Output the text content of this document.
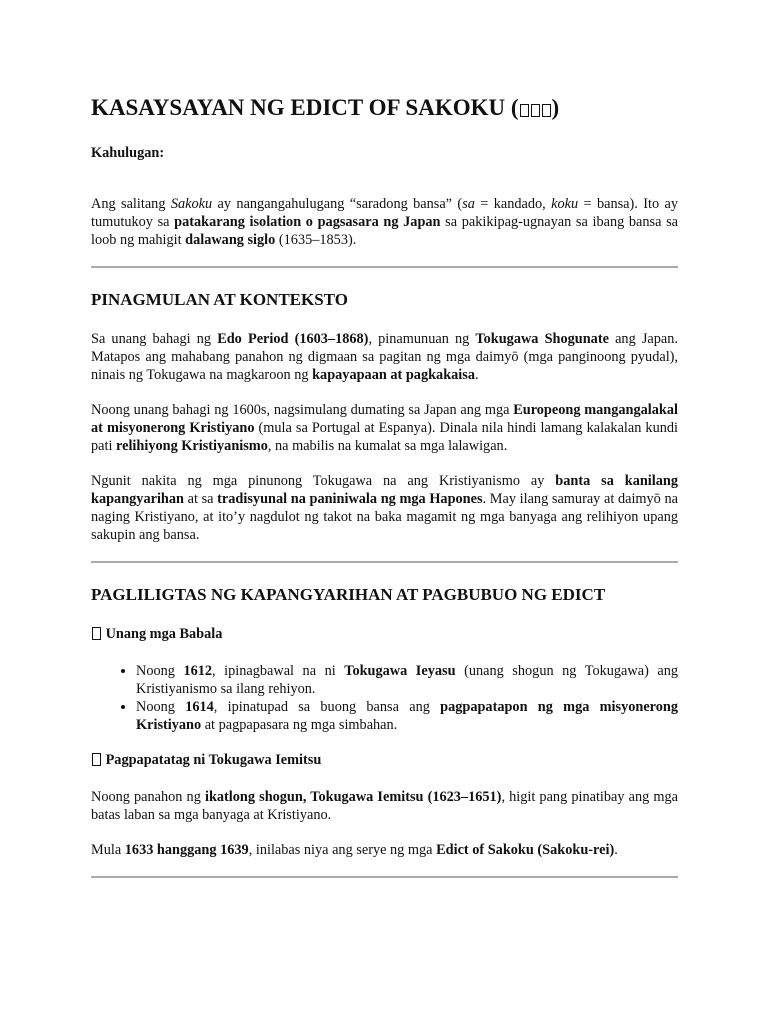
KASAYSAYAN NG EDICT OF SAKOKU ( )

Kahulugan:

Ang salitang Sakoku ay nangangahulugang “saradong bansa” (sa = kandado, koku = bansa). Ito ay tumutukoy sa patakarang isolation o pagsasara ng Japan sa pakikipag-ugnayan sa ibang bansa sa loob ng mahigit dalawang siglo (1635–1853).

PINAGMULAN AT KONTEKSTO

Sa unang bahagi ng Edo Period (1603–1868), pinamunuan ng Tokugawa Shogunate ang Japan. Matapos ang mahabang panahon ng digmaan sa pagitan ng mga daimyō (mga panginoong pyudal), ninais ng Tokugawa na magkaroon ng kapayapaan at pagkakaisa.

Noong unang bahagi ng 1600s, nagsimulang dumating sa Japan ang mga Europeong mangangalakal at misyonerong Kristiyano (mula sa Portugal at Espanya). Dinala nila hindi lamang kalakalan kundi pati relihiyong Kristiyanismo, na mabilis na kumalat sa mga lalawigan.

Ngunit nakita ng mga pinunong Tokugawa na ang Kristiyanismo ay banta sa kanilang kapangyarihan at sa tradisyunal na paniniwala ng mga Hapones. May ilang samuray at daimyō na naging Kristiyano, at ito’y nagdulot ng takot na baka magamit ng mga banyaga ang relihiyon upang sakupin ang bansa.

PAGLILIGTAS NG KAPANGYARIHAN AT PAGBUBUO NG EDICT

Unang mga Babala

• Noong 1612, ipinagbawal na ni Tokugawa Ieyasu (unang shogun ng Tokugawa) ang Kristiyanismo sa ilang rehiyon.
• Noong 1614, ipinatupad sa buong bansa ang pagpapatapon ng mga misyonerong Kristiyano at pagpapasara ng mga simbahan.

Pagpapatatag ni Tokugawa Iemitsu

Noong panahon ng ikatlong shogun, Tokugawa Iemitsu (1623–1651), higit pang pinatibay ang mga batas laban sa mga banyaga at Kristiyano.

Mula 1633 hanggang 1639, inilabas niya ang serye ng mga Edict of Sakoku (Sakoku-rei).
